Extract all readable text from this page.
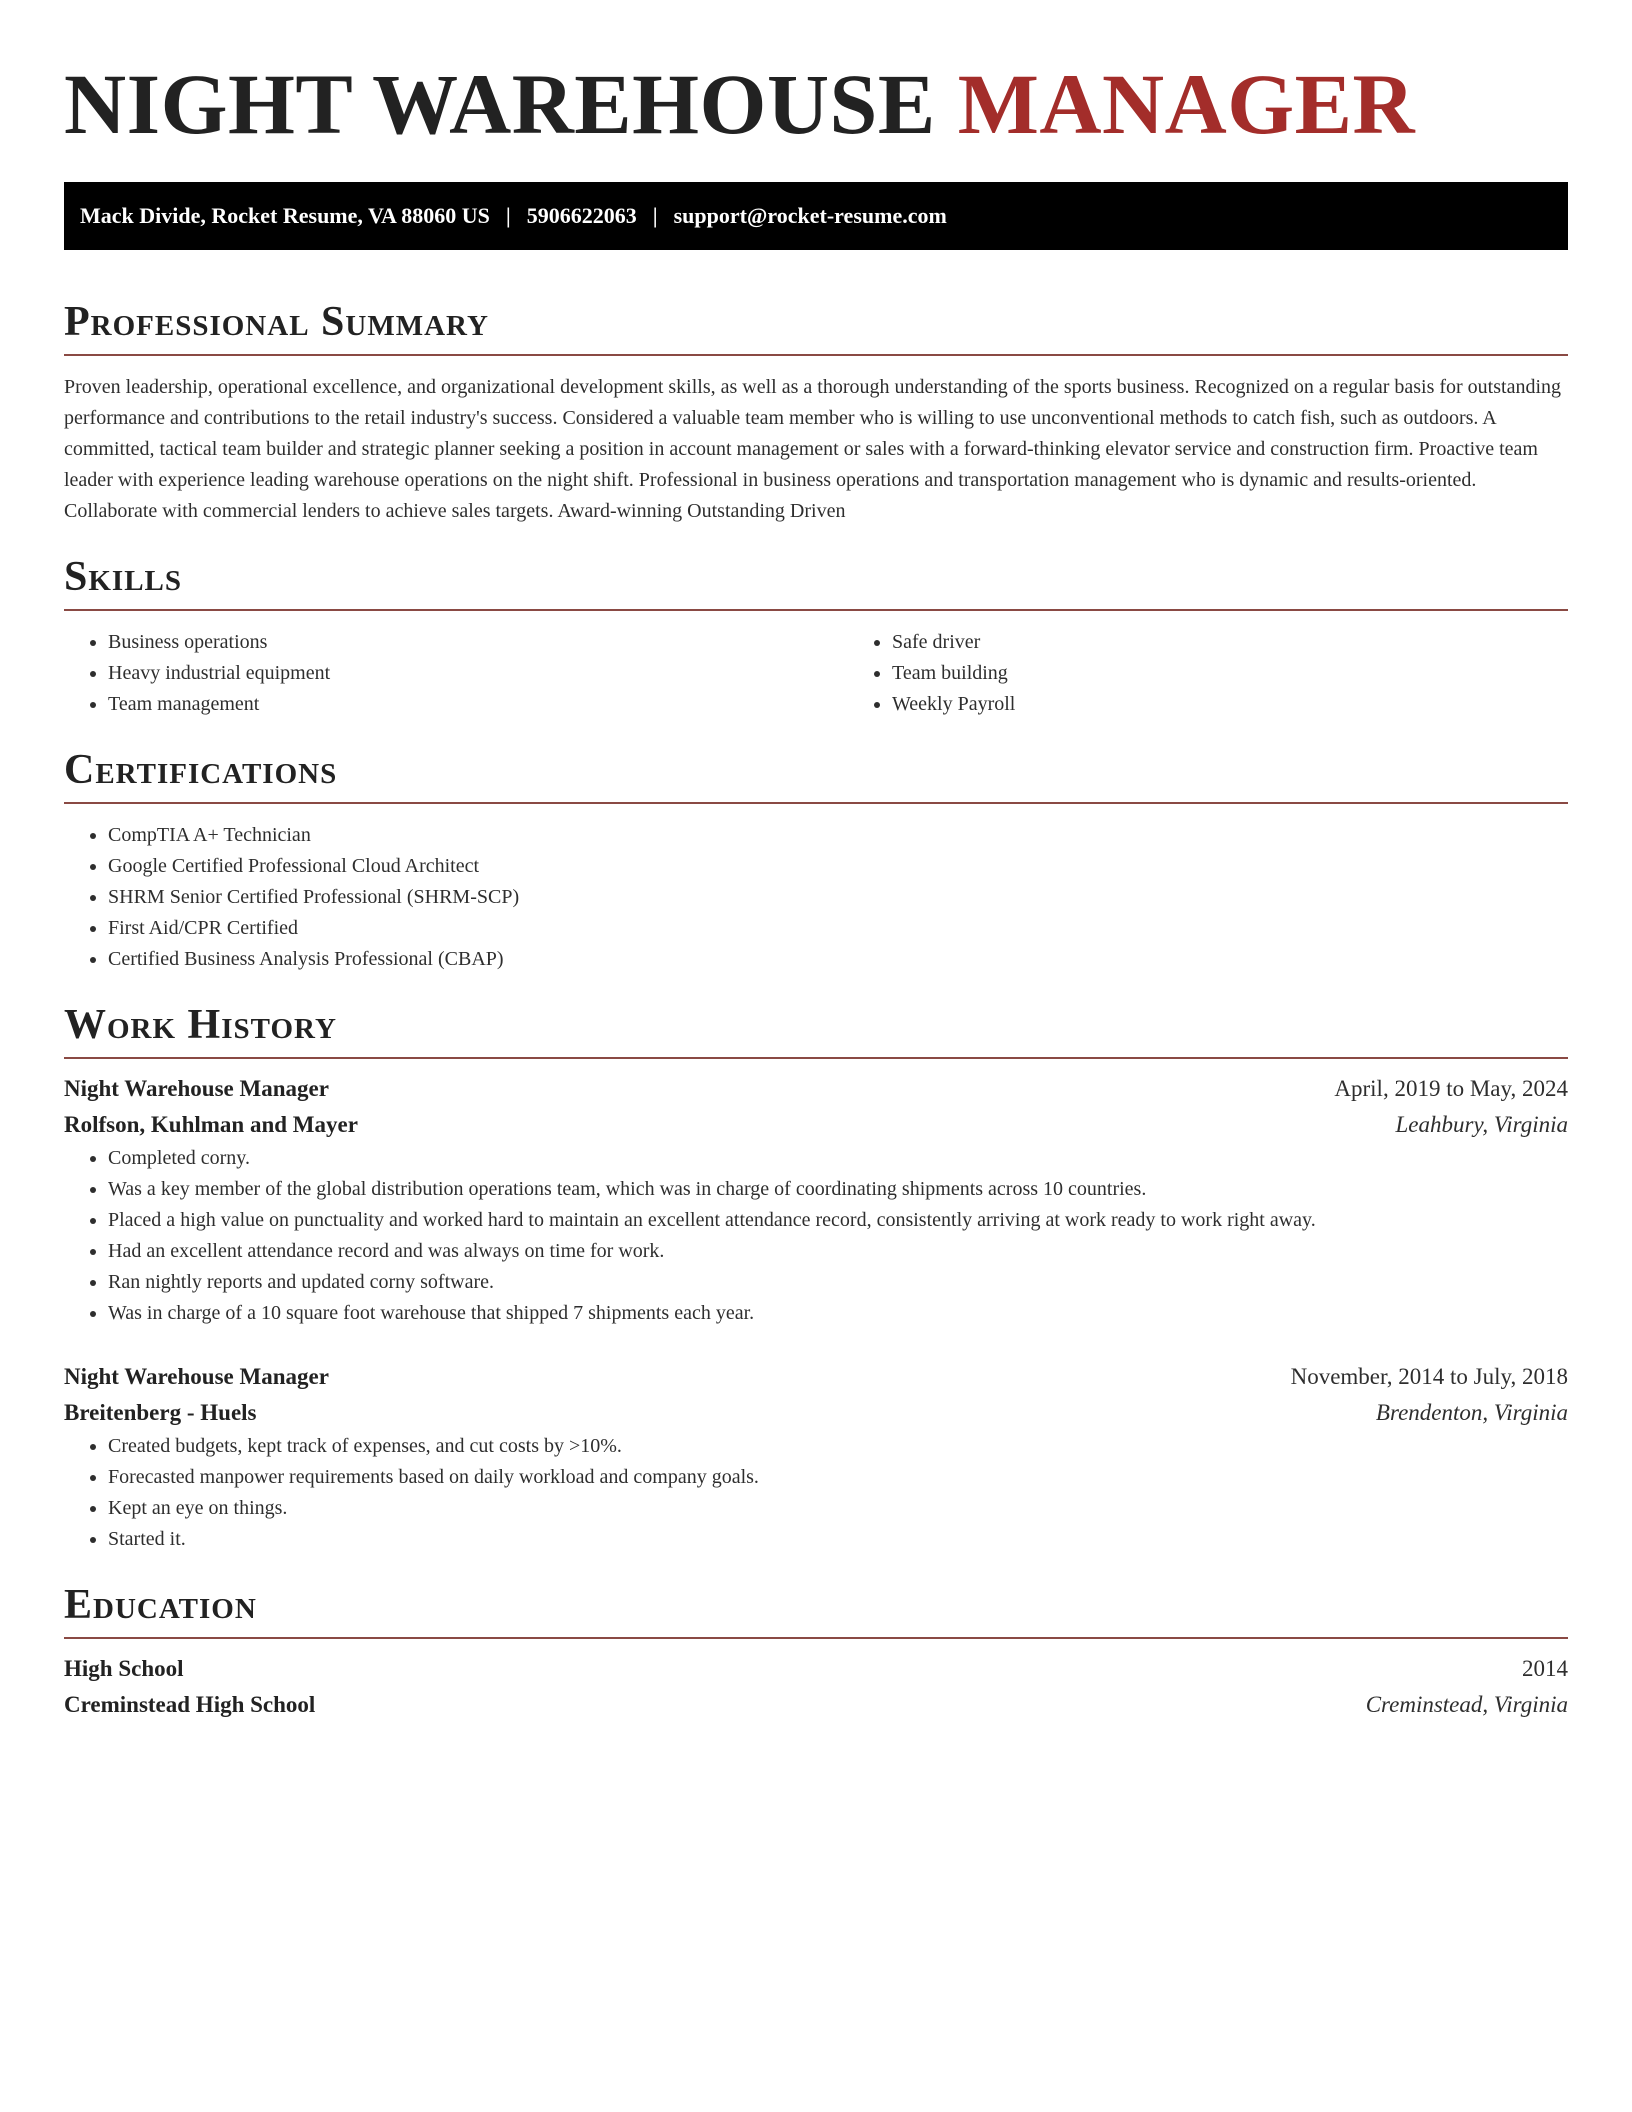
NIGHT WAREHOUSE MANAGER
Mack Divide, Rocket Resume, VA 88060 US | 5906622063 | support@rocket-resume.com
Professional Summary

Proven leadership, operational excellence, and organizational development skills, as well as a thorough understanding of the sports business. Recognized on a regular basis for outstanding performance and contributions to the retail industry's success. Considered a valuable team member who is willing to use unconventional methods to catch fish, such as outdoors. A committed, tactical team builder and strategic planner seeking a position in account management or sales with a forward-thinking elevator service and construction firm. Proactive team leader with experience leading warehouse operations on the night shift. Professional in business operations and transportation management who is dynamic and results-oriented. Collaborate with commercial lenders to achieve sales targets. Award-winning Outstanding Driven

Skills
• Business operations
• Heavy industrial equipment
• Team management
• Safe driver
• Team building
• Weekly Payroll
Certifications
• CompTIA A+ Technician
• Google Certified Professional Cloud Architect
• SHRM Senior Certified Professional (SHRM-SCP)
• First Aid/CPR Certified
• Certified Business Analysis Professional (CBAP)
Work History
Night Warehouse Manager	April, 2019 to May, 2024
Rolfson, Kuhlman and Mayer	Leahbury, Virginia
• Completed corny.
• Was a key member of the global distribution operations team, which was in charge of coordinating shipments across 10 countries.
• Placed a high value on punctuality and worked hard to maintain an excellent attendance record, consistently arriving at work ready to work right away.
• Had an excellent attendance record and was always on time for work.
• Ran nightly reports and updated corny software.
• Was in charge of a 10 square foot warehouse that shipped 7 shipments each year.
Night Warehouse Manager	November, 2014 to July, 2018
Breitenberg - Huels	Brendenton, Virginia
• Created budgets, kept track of expenses, and cut costs by >10%.
• Forecasted manpower requirements based on daily workload and company goals.
• Kept an eye on things.
• Started it.
Education
High School	2014
Creminstead High School	Creminstead, Virginia
